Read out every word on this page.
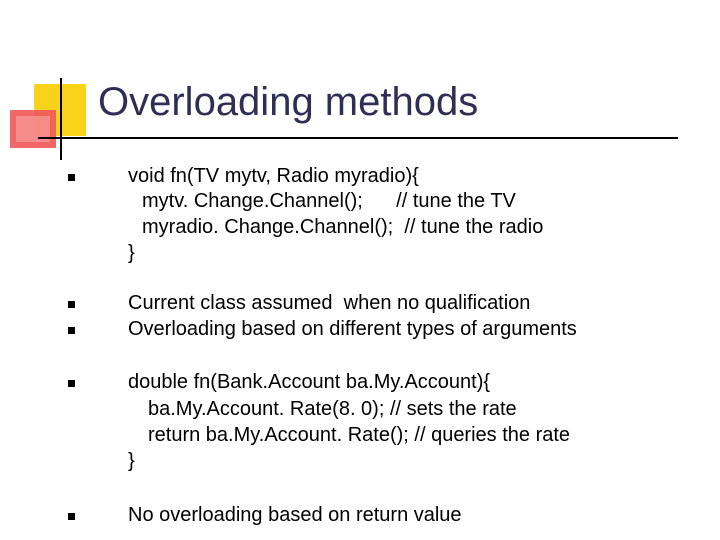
Overloading methods
void fn(TV mytv, Radio myradio){
mytv. Change.Channel();      // tune the TV
myradio. Change.Channel();  // tune the radio
}
Current class assumed  when no qualification
Overloading based on different types of arguments
double fn(Bank.Account ba.My.Account){
ba.My.Account. Rate(8. 0); // sets the rate
return ba.My.Account. Rate(); // queries the rate
}
No overloading based on return value
